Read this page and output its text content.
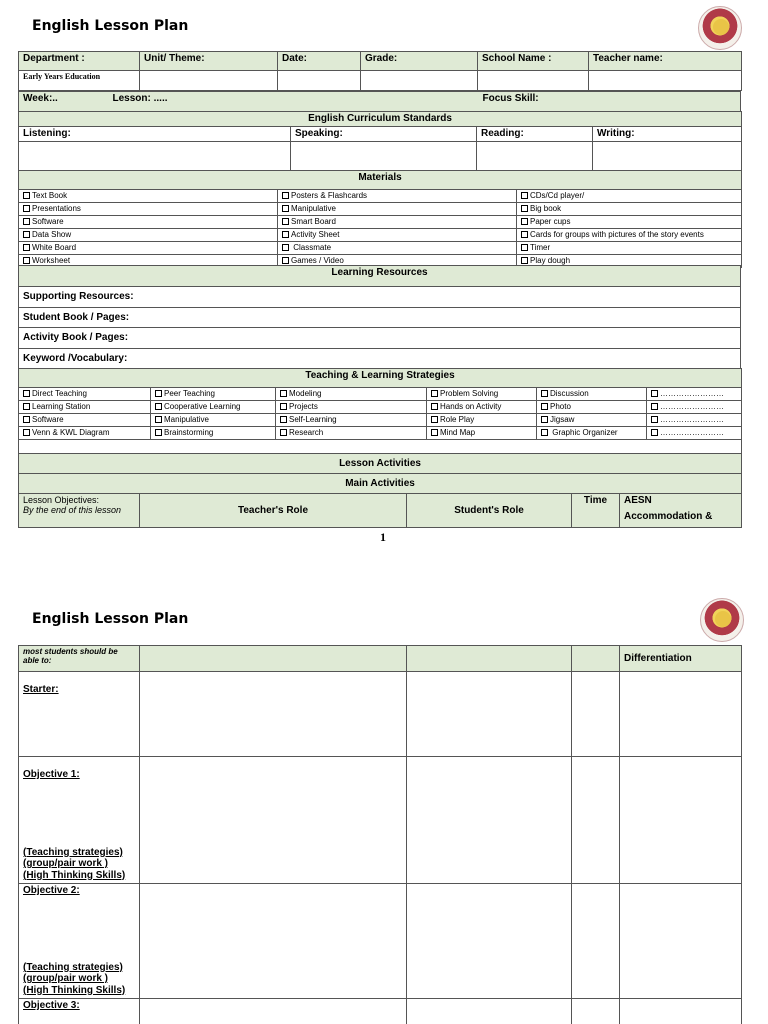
English Lesson Plan
Department :	Unit/ Theme:	Date:	Grade:	School Name :	Teacher name:
Early Years Education					
Week:..	Lesson: .....	Focus Skill:
English Curriculum Standards			
Listening:	Speaking:	Reading:	Writing:

Materials		
Text Book	Posters & Flashcards	CDs/Cd player/
Presentations	Manipulative	Big book
Software	Smart Board	Paper cups
Data Show	Activity Sheet	Cards for groups with pictures of the story events
White Board	Classmate	Timer
Worksheet	Games / Video	Play dough
Learning Resources
Supporting Resources:
Student Book / Pages:
Activity Book / Pages:
Keyword /Vocabulary:
Teaching & Learning Strategies					
Direct Teaching	Peer Teaching	Modeling	Problem Solving	Discussion	……………………
Learning Station	Cooperative Learning	Projects	Hands on Activity	Photo	……………………
Software	Manipulative	Self-Learning	Role Play	Jigsaw	……………………
Venn & KWL Diagram	Brainstorming	Research	Mind Map	Graphic Organizer	……………………

Lesson Activities
Main Activities

Lesson Objectives:
By the end of this lesson	Teacher's Role	Student's Role	Time	AESN
Accommodation &
1
English Lesson Plan
most students should be able to:				Differentiation
Starter:				

Objective 1:
(Teaching strategies)
(group/pair work )
(High Thinking Skills)				

Objective 2:
(Teaching strategies)
(group/pair work )
(High Thinking Skills)				

Objective 3:				
